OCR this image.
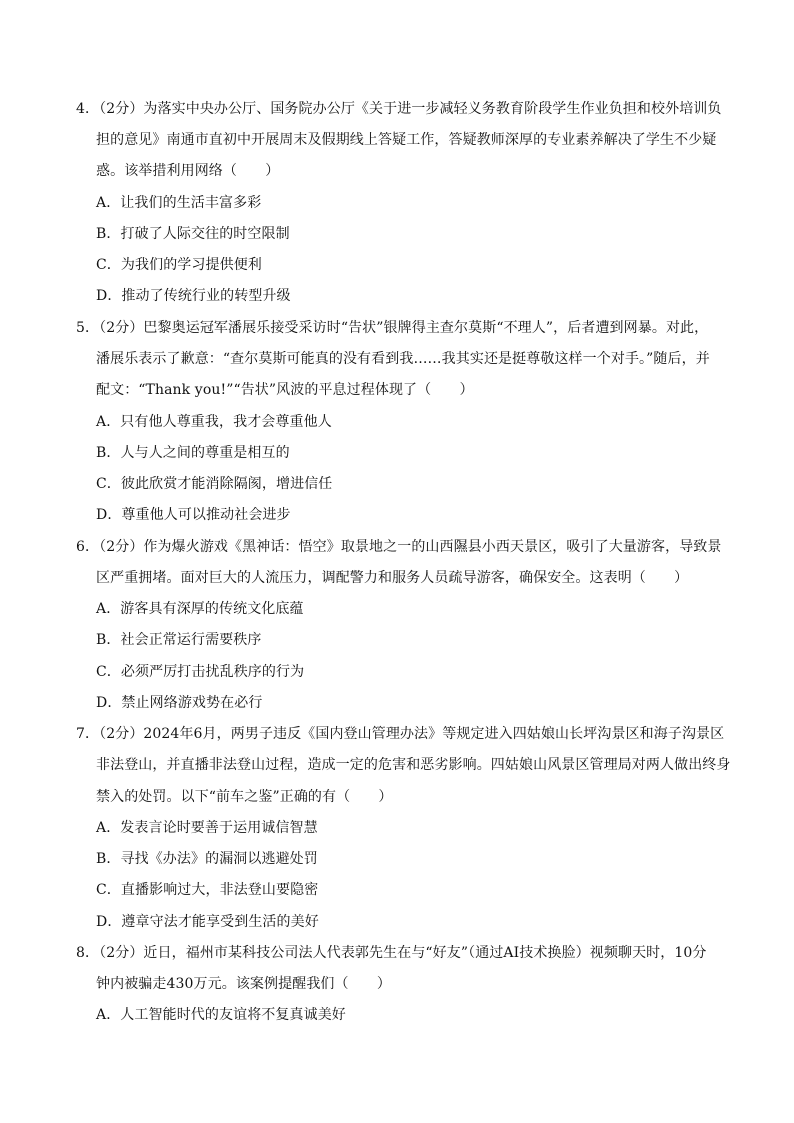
4．（2分）为落实中央办公厅、国务院办公厅《关于进一步减轻义务教育阶段学生作业负担和校外培训负
担的意见》南通市直初中开展周末及假期线上答疑工作，答疑教师深厚的专业素养解决了学生不少疑
惑。该举措利用网络（　　）
A．让我们的生活丰富多彩
B．打破了人际交往的时空限制
C．为我们的学习提供便利
D．推动了传统行业的转型升级
5．（2分）巴黎奥运冠军潘展乐接受采访时“告状”银牌得主查尔莫斯“不理人”，后者遭到网暴。对此，
潘展乐表示了歉意：“查尔莫斯可能真的没有看到我……我其实还是挺尊敬这样一个对手。”随后，并
配文：“Thank you!”“告状”风波的平息过程体现了（　　）
A．只有他人尊重我，我才会尊重他人
B．人与人之间的尊重是相互的
C．彼此欣赏才能消除隔阂，增进信任
D．尊重他人可以推动社会进步
6．（2分）作为爆火游戏《黑神话：悟空》取景地之一的山西隰县小西天景区，吸引了大量游客，导致景
区严重拥堵。面对巨大的人流压力，调配警力和服务人员疏导游客，确保安全。这表明（　　）
A．游客具有深厚的传统文化底蕴
B．社会正常运行需要秩序
C．必须严厉打击扰乱秩序的行为
D．禁止网络游戏势在必行
7．（2分）2024年6月，两男子违反《国内登山管理办法》等规定进入四姑娘山长坪沟景区和海子沟景区
非法登山，并直播非法登山过程，造成一定的危害和恶劣影响。四姑娘山风景区管理局对两人做出终身
禁入的处罚。以下“前车之鉴”正确的有（　　）
A．发表言论时要善于运用诚信智慧
B．寻找《办法》的漏洞以逃避处罚
C．直播影响过大，非法登山要隐密
D．遵章守法才能享受到生活的美好
8．（2分）近日，福州市某科技公司法人代表郭先生在与“好友”（通过AI技术换脸）视频聊天时，10分
钟内被骗走430万元。该案例提醒我们（　　）
A．人工智能时代的友谊将不复真诚美好
